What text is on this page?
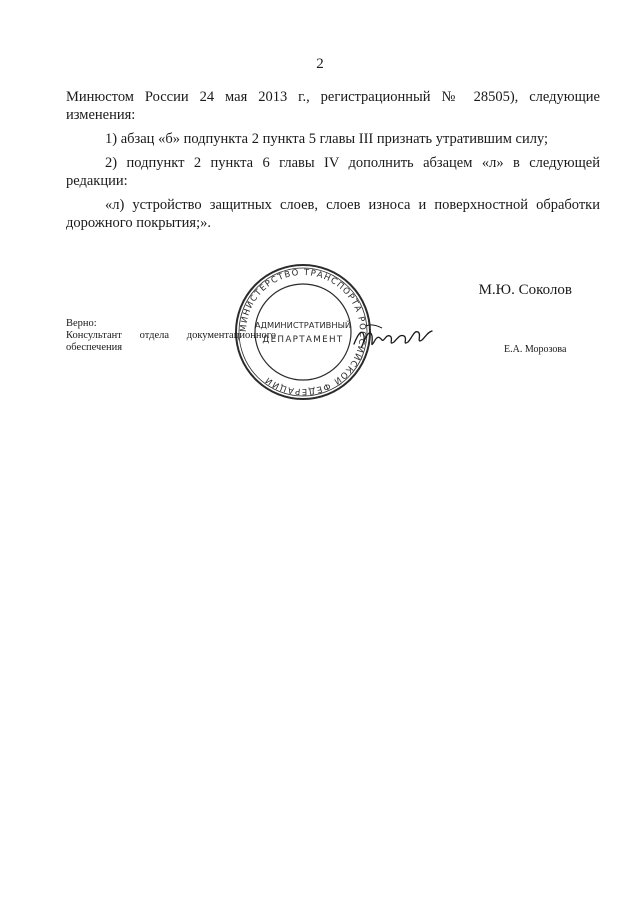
2

Минюстом России 24 мая 2013 г., регистрационный № 28505), следующие

изменения:

1) абзац «б» подпункта 2 пункта 5 главы III признать утратившим силу;

2) подпункт 2 пункта 6 главы IV дополнить абзацем «л» в следующей

редакции:

«л) устройство защитных слоев, слоев износа и поверхностной обработки

дорожного покрытия;».

МИНИСТЕРСТВО ТРАНСПОРТА РОССИЙСКОЙ ФЕДЕРАЦИИ
АДМИНИСТРАТИВНЫЙ
ДЕПАРТАМЕНТ
М.Ю. Соколов
Верно:
Консультант отдела документационного
обеспечения	Е.А. Морозова
